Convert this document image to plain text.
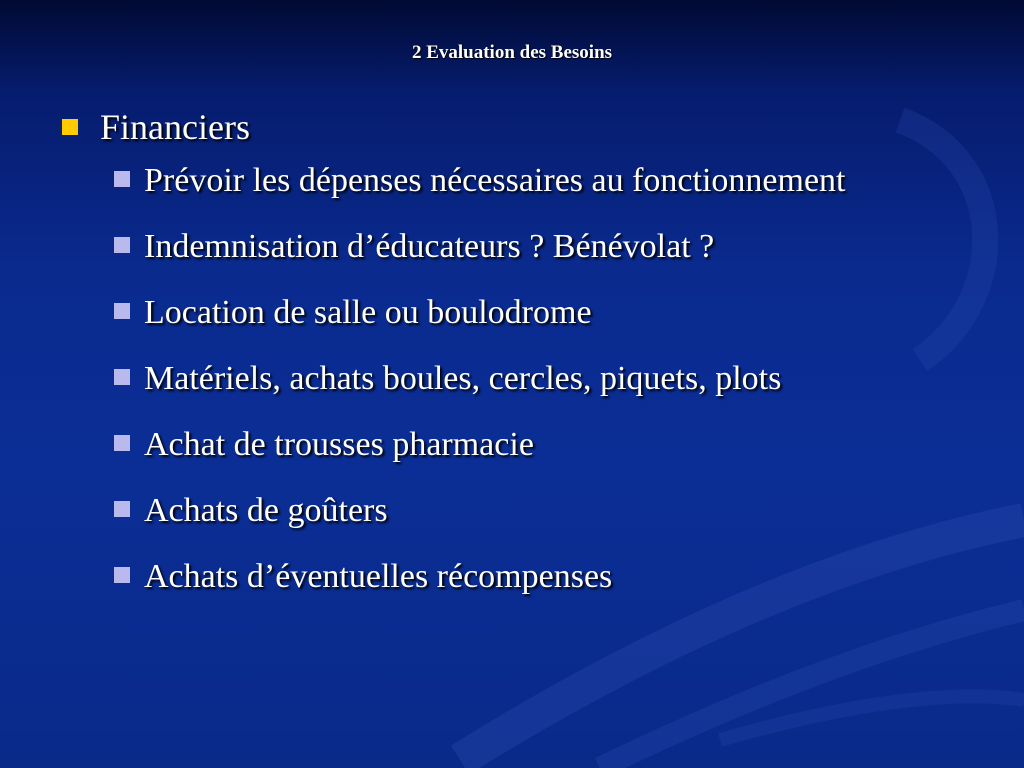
2 Evaluation des Besoins
Financiers
Prévoir les dépenses nécessaires au fonctionnement
Indemnisation d’éducateurs ? Bénévolat ?
Location de salle ou boulodrome
Matériels, achats boules, cercles, piquets, plots
Achat de trousses pharmacie
Achats de goûters
Achats d’éventuelles récompenses
